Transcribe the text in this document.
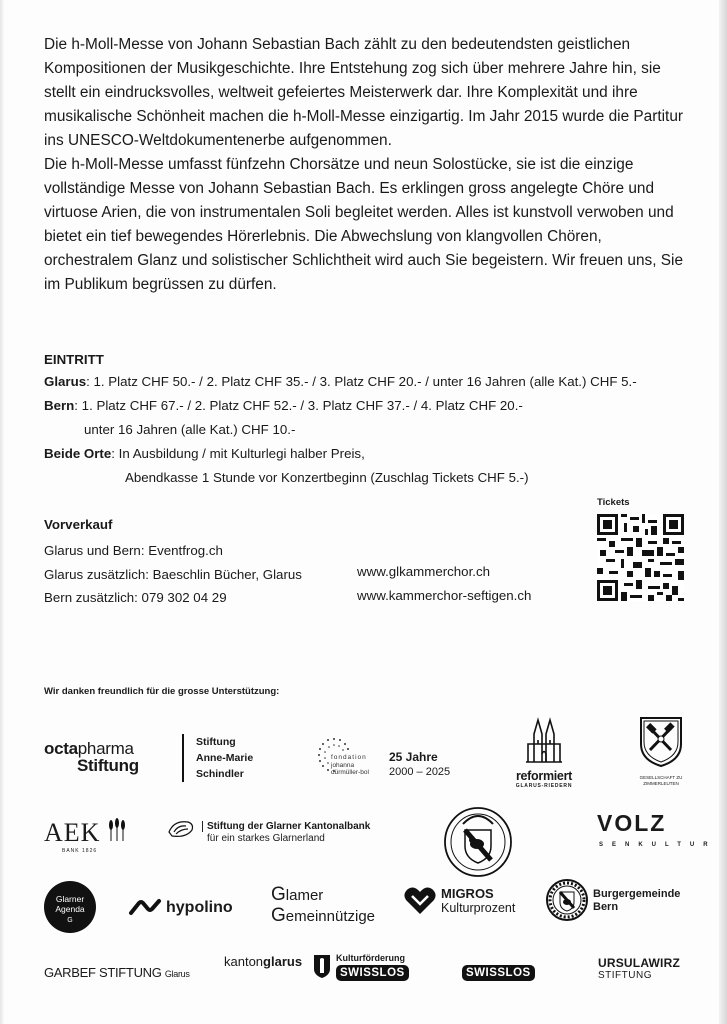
Die h-Moll-Messe von Johann Sebastian Bach zählt zu den bedeutendsten geistlichen Kompositionen der Musikgeschichte. Ihre Entstehung zog sich über mehrere Jahre hin, sie stellt ein eindrucksvolles, weltweit gefeiertes Meisterwerk dar. Ihre Komplexität und ihre musikalische Schönheit machen die h-Moll-Messe einzigartig. Im Jahr 2015 wurde die Partitur ins UNESCO-Weltdokumentenerbe aufgenommen.

Die h-Moll-Messe umfasst fünfzehn Chorsätze und neun Solostücke, sie ist die einzige vollständige Messe von Johann Sebastian Bach. Es erklingen gross angelegte Chöre und virtuose Arien, die von instrumentalen Soli begleitet werden. Alles ist kunstvoll verwoben und bietet ein tief bewegendes Hörerlebnis. Die Abwechslung von klangvollen Chören, orchestralem Glanz und solistischer Schlichtheit wird auch Sie begeistern. Wir freuen uns, Sie im Publikum begrüssen zu dürfen.

EINTRITT
Glarus: 1. Platz CHF 50.- / 2. Platz CHF 35.- / 3. Platz CHF 20.- / unter 16 Jahren (alle Kat.) CHF 5.-
Bern: 1. Platz CHF 67.- / 2. Platz CHF 52.- / 3. Platz CHF 37.- / 4. Platz CHF 20.-
unter 16 Jahren (alle Kat.) CHF 10.-
Beide Orte: In Ausbildung / mit Kulturlegi halber Preis,
Abendkasse 1 Stunde vor Konzertbeginn (Zuschlag Tickets CHF 5.-)
Vorverkauf
Glarus und Bern: Eventfrog.ch
Glarus zusätzlich: Baeschlin Bücher, Glarus
Bern zusätzlich: 079 302 04 29
www.glkammerchor.ch
www.kammerchor-seftigen.ch
Tickets
Wir danken freundlich für die grosse Unterstützung:
octapharma
Stiftung
Stiftung
Anne-Marie
Schindler
fondation
johanna
dürmüller-bol
25 Jahre
2000 – 2025	reformiert
GLARUS-RIEDERN
GESELLSCHAFT ZU ZIMMERLEUTEN
AEK
BANK 1826
Stiftung der Glarner Kantonalbank
für ein starkes Glarnerland
VOLZ
SENKULTUR
Glarner
Agenda
G
hypolino
Glamer
Gemeinnützige
MIGROS
Kulturprozent
Burgergemeinde
Bern
GARBEF STIFTUNG Glarus
kantonglarus	Kulturförderung
SWISSLOS	SWISSLOS
URSULAWIRZ
STIFTUNG
